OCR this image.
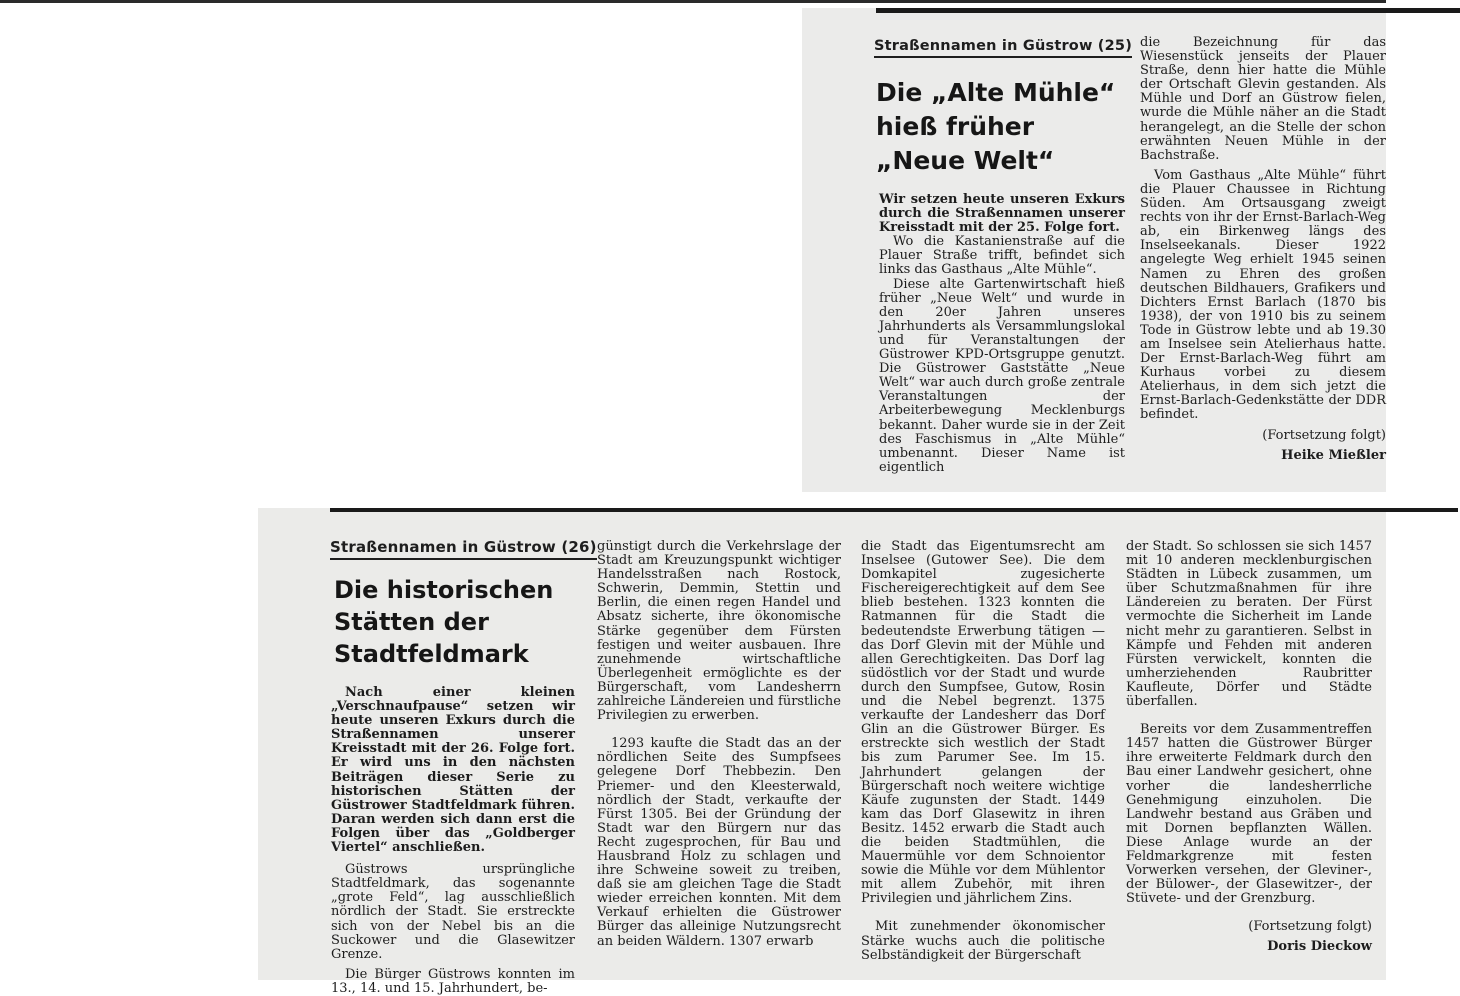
Straßennamen in Güstrow (25)
Die „Alte Mühle“
hieß früher
„Neue Welt“

Wir setzen heute unseren Exkurs durch die Straßennamen unserer Kreisstadt mit der 25. Folge fort.

Wo die Kastanienstraße auf die Plauer Straße trifft, befindet sich links das Gasthaus „Alte Mühle“.

Diese alte Gartenwirtschaft hieß früher „Neue Welt“ und wurde in den 20er Jahren unseres Jahrhunderts als Versammlungslokal und für Veranstaltungen der Güstrower KPD-Ortsgruppe genutzt. Die Güstrower Gaststätte „Neue Welt“ war auch durch große zentrale Veranstaltungen der Arbeiterbewegung Mecklenburgs bekannt. Daher wurde sie in der Zeit des Faschismus in „Alte Mühle“ umbenannt. Dieser Name ist eigentlich

die Bezeichnung für das Wiesenstück jenseits der Plauer Straße, denn hier hatte die Mühle der Ortschaft Glevin gestanden. Als Mühle und Dorf an Güstrow fielen, wurde die Mühle näher an die Stadt herangelegt, an die Stelle der schon erwähnten Neuen Mühle in der Bachstraße.

Vom Gasthaus „Alte Mühle“ führt die Plauer Chaussee in Richtung Süden. Am Ortsausgang zweigt rechts von ihr der Ernst-Barlach-Weg ab, ein Birkenweg längs des Inselseekanals. Dieser 1922 angelegte Weg erhielt 1945 seinen Namen zu Ehren des großen deutschen Bildhauers, Grafikers und Dichters Ernst Barlach (1870 bis 1938), der von 1910 bis zu seinem Tode in Güstrow lebte und ab 19.30 am Inselsee sein Atelierhaus hatte. Der Ernst-Barlach-Weg führt am Kurhaus vorbei zu diesem Atelierhaus, in dem sich jetzt die Ernst-Barlach-Gedenkstätte der DDR befindet.

(Fortsetzung folgt)

Heike Mießler

Straßennamen in Güstrow (26)
Die historischen
Stätten der
Stadtfeldmark

Nach einer kleinen „Verschnaufpause“ setzen wir heute unseren Exkurs durch die Straßennamen unserer Kreisstadt mit der 26. Folge fort. Er wird uns in den nächsten Beiträgen dieser Serie zu historischen Stätten der Güstrower Stadtfeldmark führen. Daran werden sich dann erst die Folgen über das „Goldberger Viertel“ anschließen.

Güstrows ursprüngliche Stadtfeldmark, das sogenannte „grote Feld“, lag ausschließlich nördlich der Stadt. Sie erstreckte sich von der Nebel bis an die Suckower und die Glasewitzer Grenze.

Die Bürger Güstrows konnten im 13., 14. und 15. Jahrhundert, be-

günstigt durch die Verkehrslage der Stadt am Kreuzungspunkt wichtiger Handelsstraßen nach Rostock, Schwerin, Demmin, Stettin und Berlin, die einen regen Handel und Absatz sicherte, ihre ökonomische Stärke gegenüber dem Fürsten festigen und weiter ausbauen. Ihre zunehmende wirtschaftliche Überlegenheit ermöglichte es der Bürgerschaft, vom Landesherrn zahlreiche Ländereien und fürstliche Privilegien zu erwerben.

1293 kaufte die Stadt das an der nördlichen Seite des Sumpfsees gelegene Dorf Thebbezin. Den Priemer- und den Kleesterwald, nördlich der Stadt, verkaufte der Fürst 1305. Bei der Gründung der Stadt war den Bürgern nur das Recht zugesprochen, für Bau und Hausbrand Holz zu schlagen und ihre Schweine soweit zu treiben, daß sie am gleichen Tage die Stadt wieder erreichen konnten. Mit dem Verkauf erhielten die Güstrower Bürger das alleinige Nutzungsrecht an beiden Wäldern. 1307 erwarb

die Stadt das Eigentumsrecht am Inselsee (Gutower See). Die dem Domkapitel zugesicherte Fischereigerechtigkeit auf dem See blieb bestehen. 1323 konnten die Ratmannen für die Stadt die bedeutendste Erwerbung tätigen — das Dorf Glevin mit der Mühle und allen Gerechtigkeiten. Das Dorf lag südöstlich vor der Stadt und wurde durch den Sumpfsee, Gutow, Rosin und die Nebel begrenzt. 1375 verkaufte der Landesherr das Dorf Glin an die Güstrower Bürger. Es erstreckte sich westlich der Stadt bis zum Parumer See. Im 15. Jahrhundert gelangen der Bürgerschaft noch weitere wichtige Käufe zugunsten der Stadt. 1449 kam das Dorf Glasewitz in ihren Besitz. 1452 erwarb die Stadt auch die beiden Stadtmühlen, die Mauermühle vor dem Schnoientor sowie die Mühle vor dem Mühlentor mit allem Zubehör, mit ihren Privilegien und jährlichem Zins.

Mit zunehmender ökonomischer Stärke wuchs auch die politische Selbständigkeit der Bürgerschaft

der Stadt. So schlossen sie sich 1457 mit 10 anderen mecklenburgischen Städten in Lübeck zusammen, um über Schutzmaßnahmen für ihre Ländereien zu beraten. Der Fürst vermochte die Sicherheit im Lande nicht mehr zu garantieren. Selbst in Kämpfe und Fehden mit anderen Fürsten verwickelt, konnten die umherziehenden Raubritter Kaufleute, Dörfer und Städte überfallen.

Bereits vor dem Zusammentreffen 1457 hatten die Güstrower Bürger ihre erweiterte Feldmark durch den Bau einer Landwehr gesichert, ohne vorher die landesherrliche Genehmigung einzuholen. Die Landwehr bestand aus Gräben und mit Dornen bepflanzten Wällen. Diese Anlage wurde an der Feldmarkgrenze mit festen Vorwerken versehen, der Gleviner-, der Bülower-, der Glasewitzer-, der Stüvete- und der Grenzburg.

(Fortsetzung folgt)

Doris Dieckow
